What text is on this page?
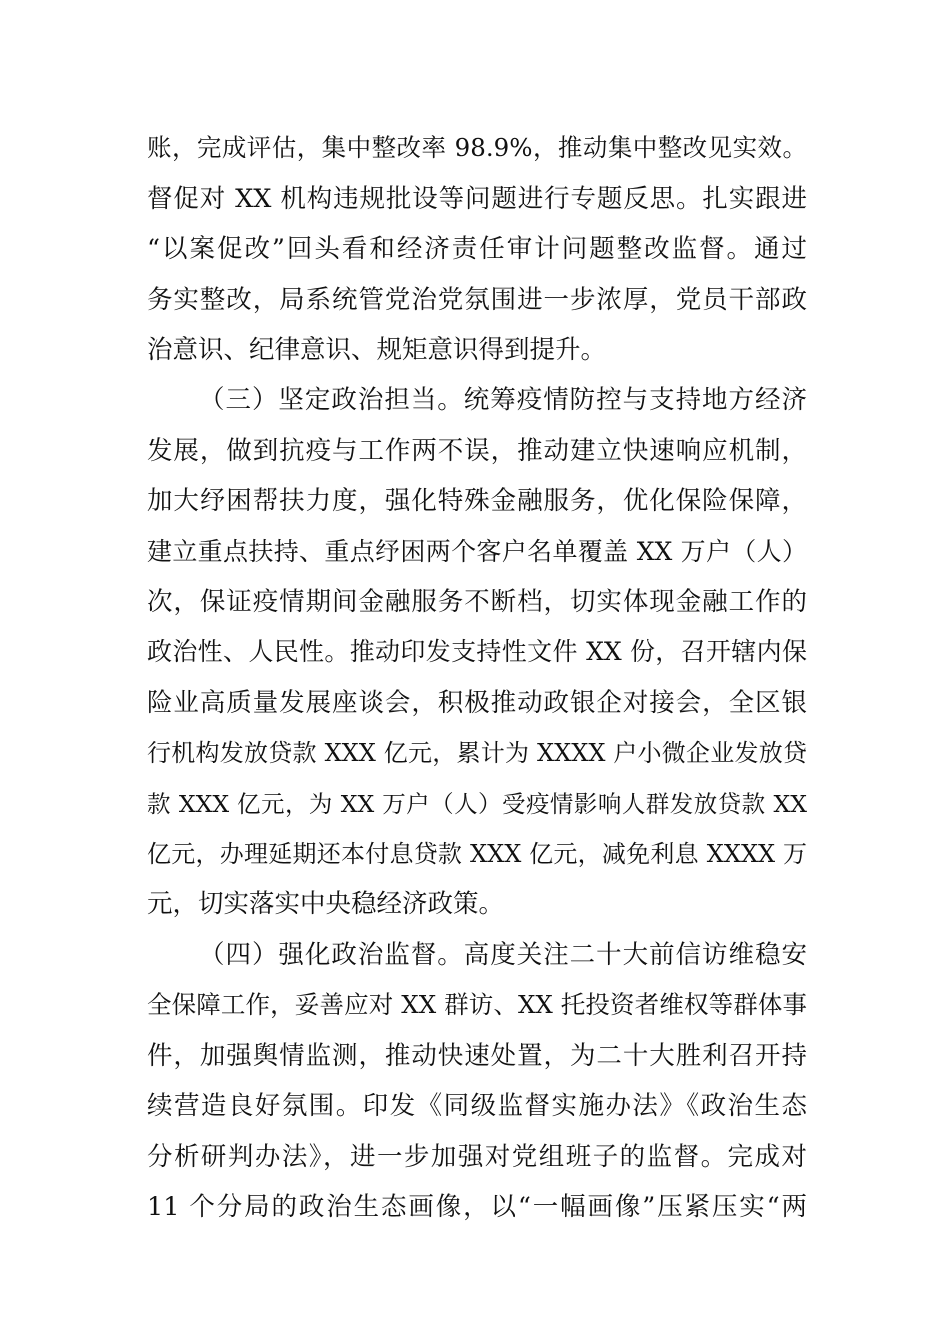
账，完成评估，集中整改率 98.9%，推动集中整改见实效。
督促对 XX 机构违规批设等问题进行专题反思。扎实跟进
“以案促改”回头看和经济责任审计问题整改监督。通过
务实整改，局系统管党治党氛围进一步浓厚，党员干部政
治意识、纪律意识、规矩意识得到提升。
（三）坚定政治担当。统筹疫情防控与支持地方经济
发展，做到抗疫与工作两不误，推动建立快速响应机制，
加大纾困帮扶力度，强化特殊金融服务，优化保险保障，
建立重点扶持、重点纾困两个客户名单覆盖 XX 万户（人）
次，保证疫情期间金融服务不断档，切实体现金融工作的
政治性、人民性。推动印发支持性文件 XX 份，召开辖内保
险业高质量发展座谈会，积极推动政银企对接会，全区银
行机构发放贷款 XXX 亿元，累计为 XXXX 户小微企业发放贷
款 XXX 亿元，为 XX 万户（人）受疫情影响人群发放贷款 XX
亿元，办理延期还本付息贷款 XXX 亿元，减免利息 XXXX 万
元，切实落实中央稳经济政策。
（四）强化政治监督。高度关注二十大前信访维稳安
全保障工作，妥善应对 XX 群访、XX 托投资者维权等群体事
件，加强舆情监测，推动快速处置，为二十大胜利召开持
续营造良好氛围。印发《同级监督实施办法》《政治生态
分析研判办法》，进一步加强对党组班子的监督。完成对
11 个分局的政治生态画像，以“一幅画像”压紧压实“两
